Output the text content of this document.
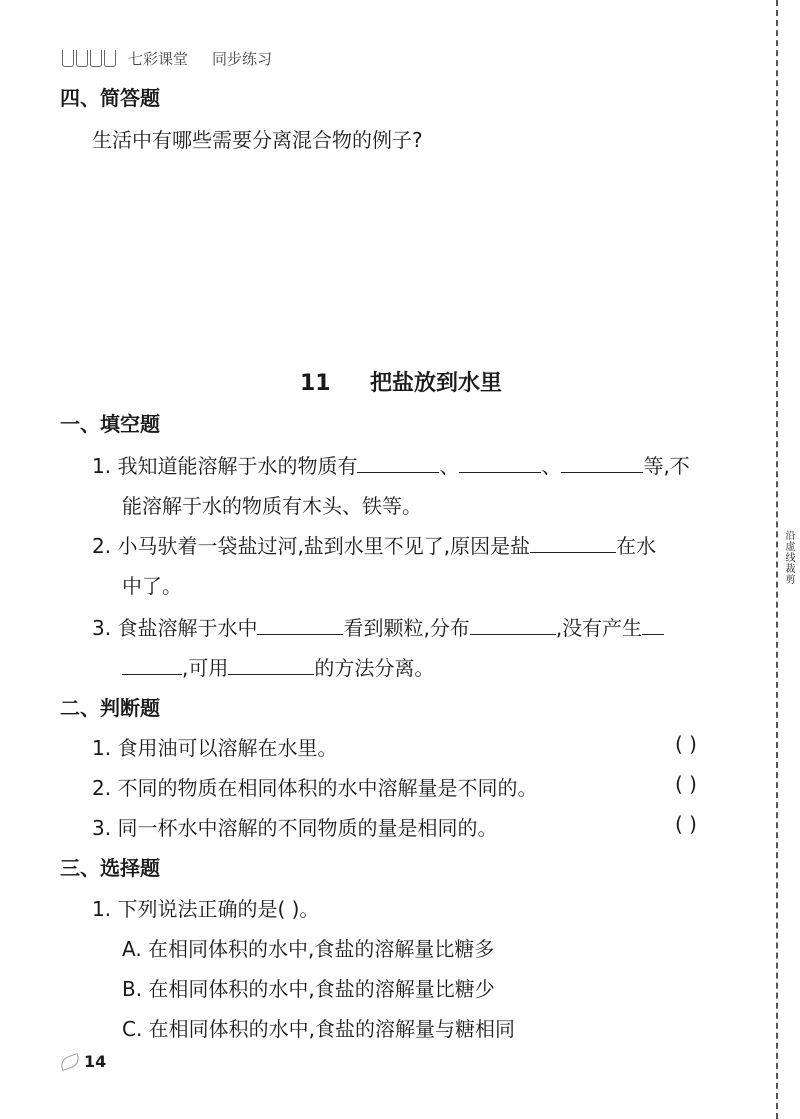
沿虚线裁剪
七彩课堂 同步练习
四、简答题
生活中有哪些需要分离混合物的例子?
11 把盐放到水里
一、填空题
1. 我知道能溶解于水的物质有	、	、	等,不
能溶解于水的物质有木头、铁等。
2. 小马驮着一袋盐过河,盐到水里不见了,原因是盐	在水
中了。
3. 食盐溶解于水中	看到颗粒,分布	,没有产生
,可用	的方法分离。
二、判断题
1. 食用油可以溶解在水里。	( )
2. 不同的物质在相同体积的水中溶解量是不同的。	( )
3. 同一杯水中溶解的不同物质的量是相同的。	( )
三、选择题
1. 下列说法正确的是( )。
A. 在相同体积的水中,食盐的溶解量比糖多
B. 在相同体积的水中,食盐的溶解量比糖少
C. 在相同体积的水中,食盐的溶解量与糖相同
14
